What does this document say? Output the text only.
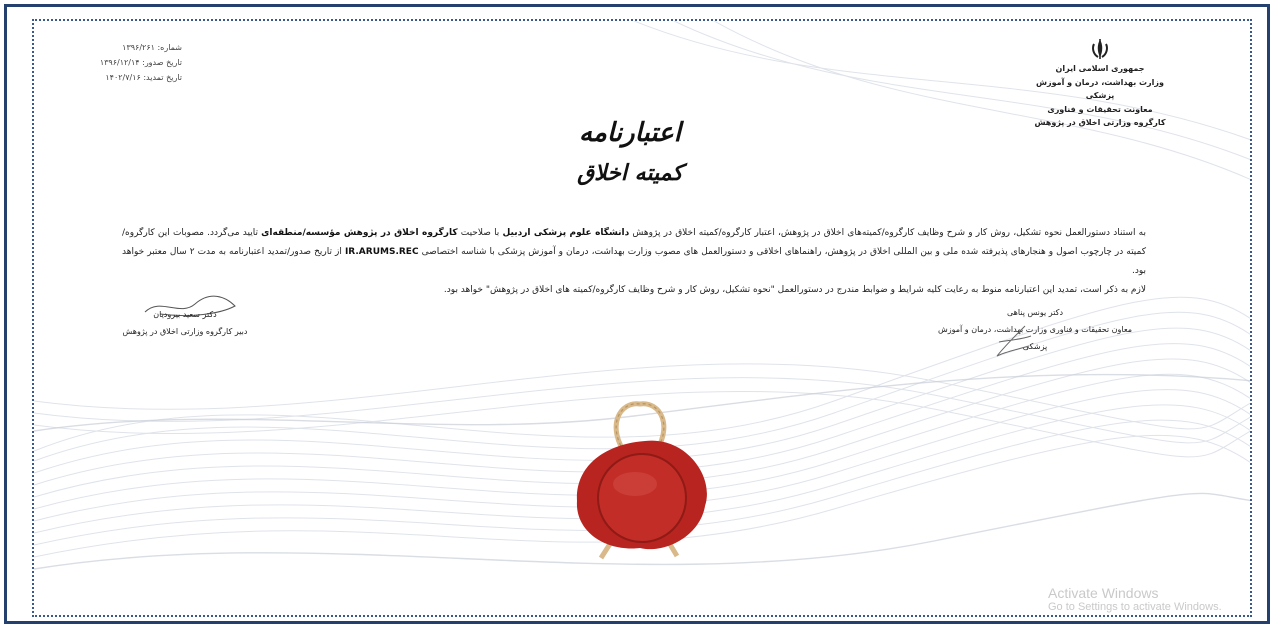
شماره: ۱۳۹۶/۲۶۱
تاریخ صدور: ۱۳۹۶/۱۲/۱۴
تاریخ تمدید: ۱۴۰۲/۷/۱۶
جمهوری اسلامی ایران
وزارت بهداشت، درمان و آموزش پزشکی
معاونت تحقیقات و فناوری
کارگروه وزارتی اخلاق در پژوهش
اعتبارنامه
کمیته اخلاق

به استناد دستورالعمل نحوه تشکیل، روش کار و شرح وظایف کارگروه/کمیته‌های اخلاق در پژوهش، اعتبار کارگروه/کمیته اخلاق در پژوهش دانشگاه علوم پزشکی اردبیل با صلاحیت کارگروه اخلاق در پژوهش مؤسسه/منطقه‌ای تایید می‌گردد. مصوبات این کارگروه/ کمیته در چارچوب اصول و هنجارهای پذیرفته شده ملی و بین المللی اخلاق در پژوهش، راهنماهای اخلاقی و دستورالعمل های مصوب وزارت بهداشت، درمان و آموزش پزشکی با شناسه اختصاصی IR.ARUMS.REC از تاریخ صدور/تمدید اعتبارنامه به مدت ۲ سال معتبر خواهد بود.

لازم به ذکر است، تمدید این اعتبارنامه منوط به رعایت کلیه شرایط و ضوابط مندرج در دستورالعمل "نحوه تشکیل، روش کار و شرح وظایف کارگروه/کمیته های اخلاق در پژوهش" خواهد بود.

دکتر سعید بیرودیان
دبیر کارگروه وزارتی اخلاق در پژوهش
دکتر یونس پناهی
معاون تحقیقات و فناوری وزارت بهداشت، درمان و آموزش پزشکی
Activate Windows
Go to Settings to activate Windows.
